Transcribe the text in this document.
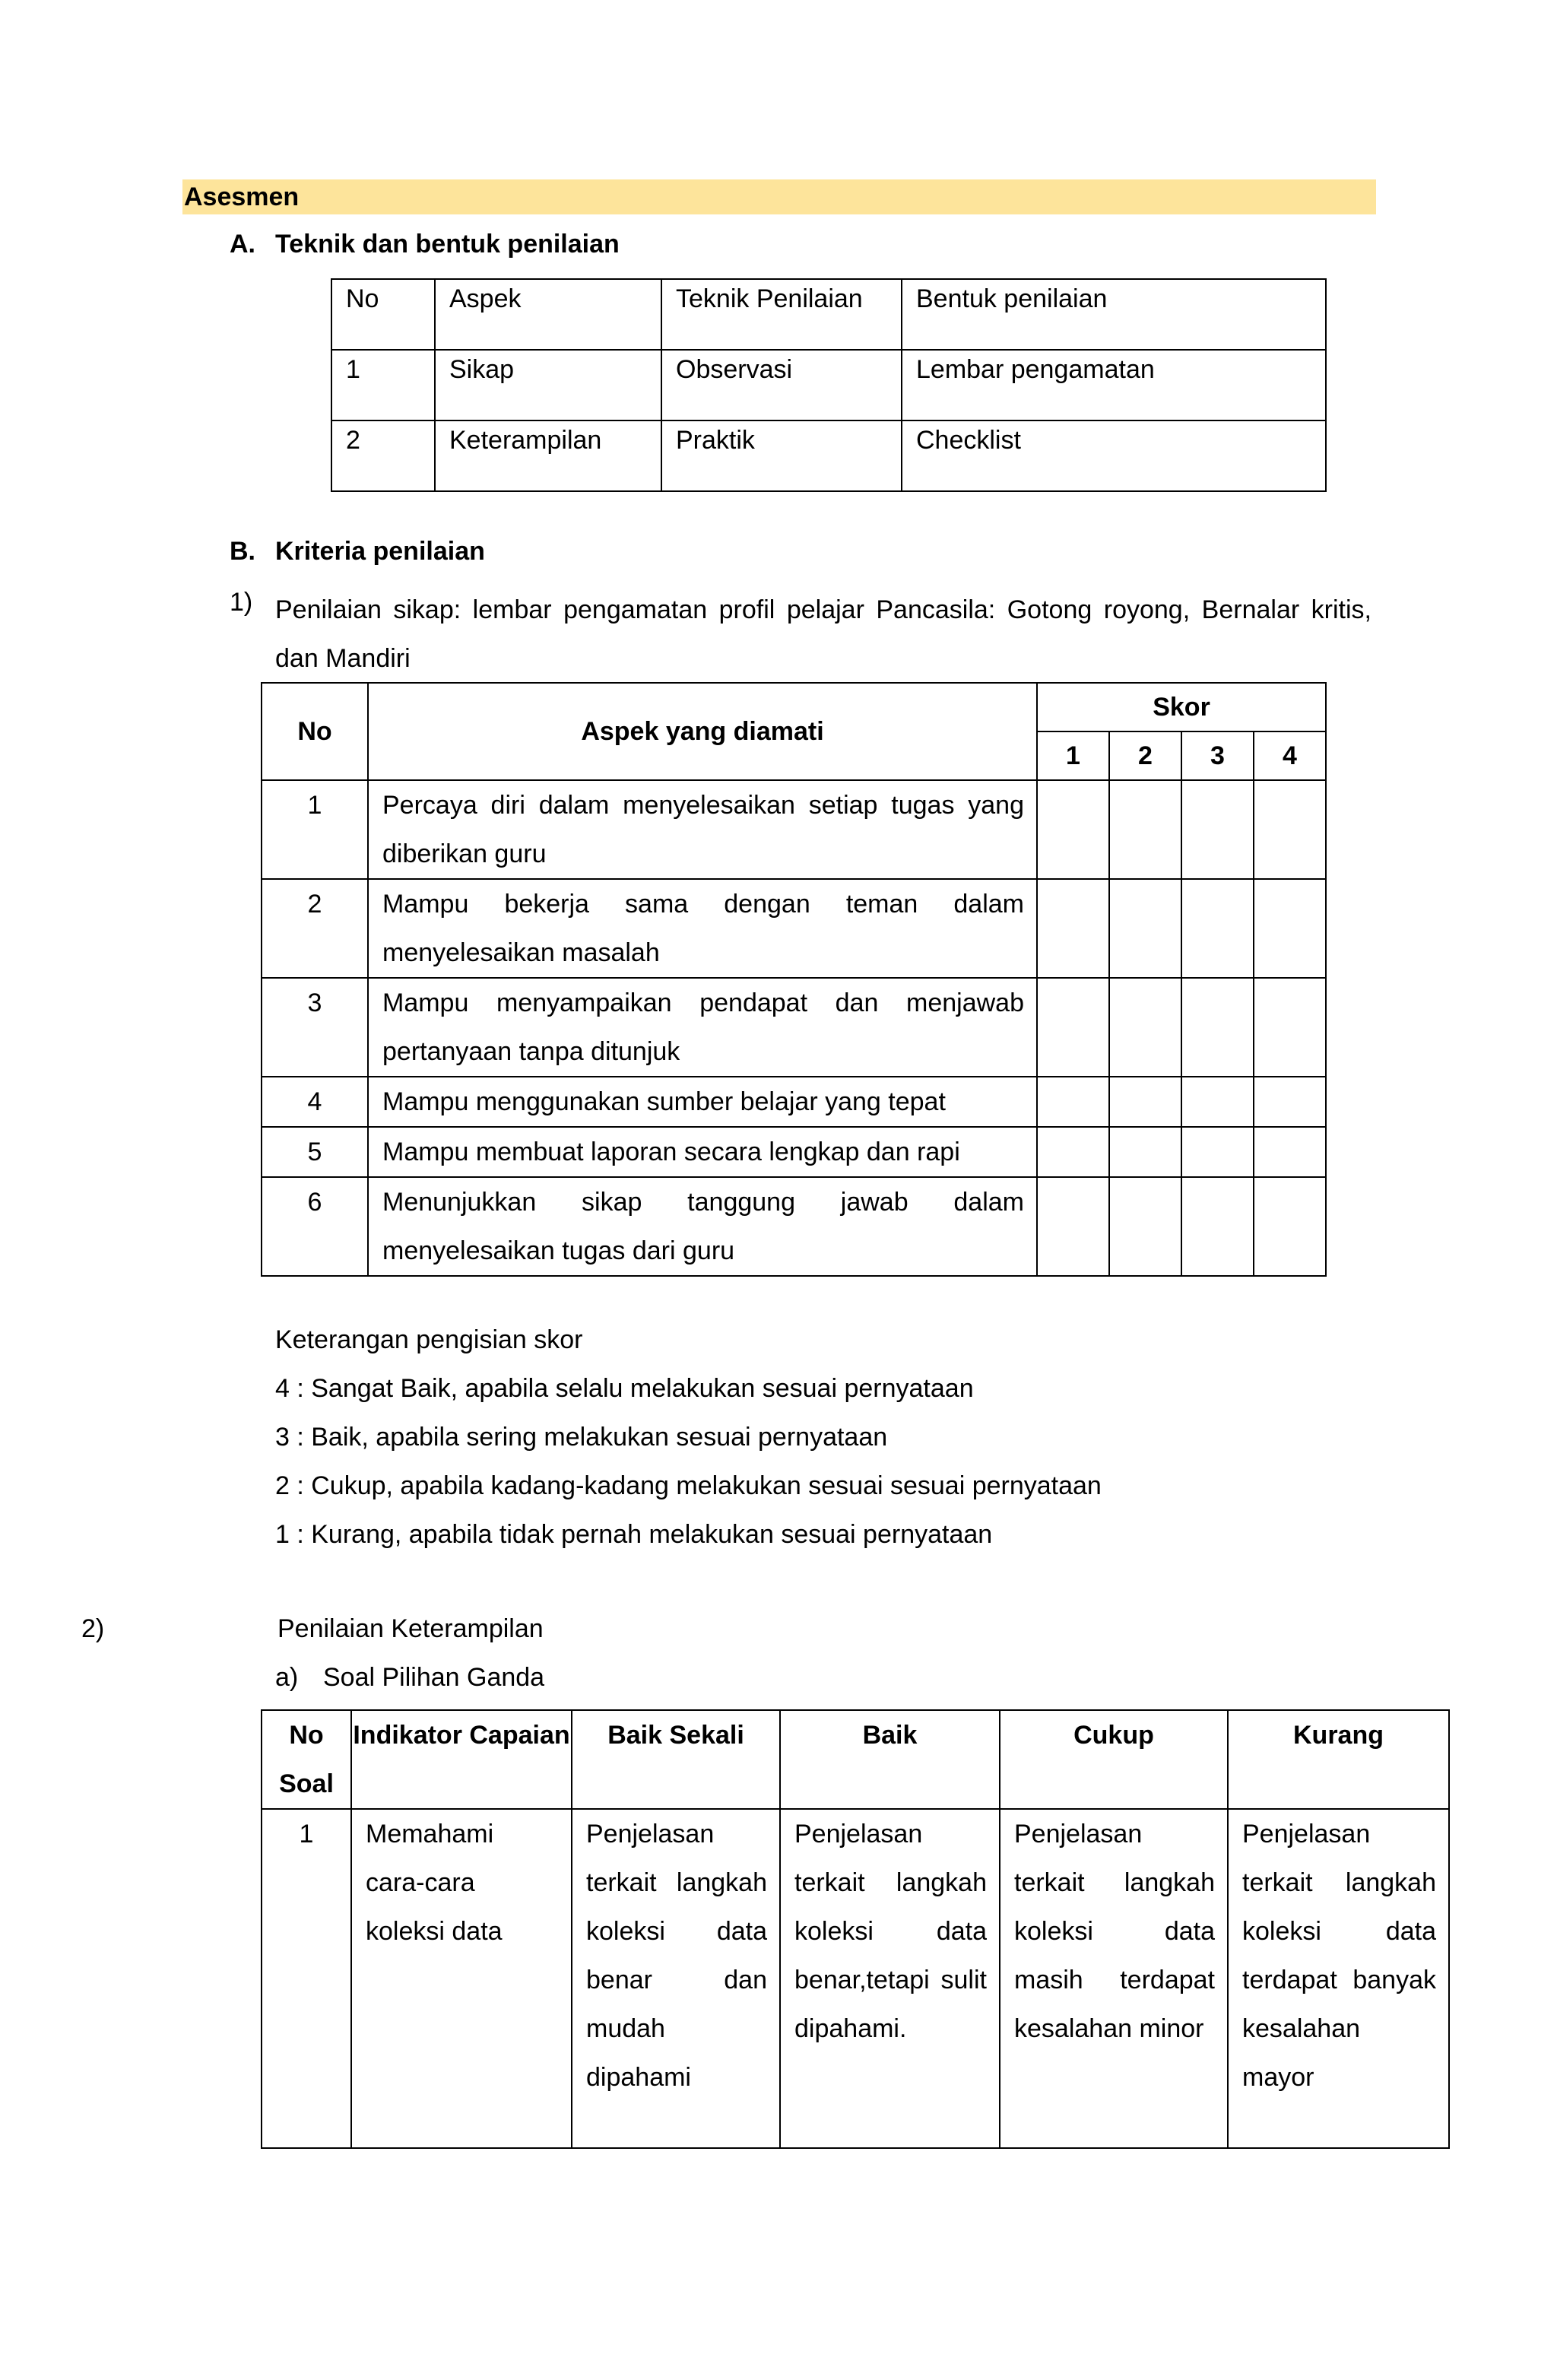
Asesmen
A. Teknik dan bentuk penilaian
No	Aspek	Teknik Penilaian	Bentuk penilaian
1	Sikap	Observasi	Lembar pengamatan
2	Keterampilan	Praktik	Checklist
B. Kriteria penilaian
1) Penilaian sikap: lembar pengamatan profil pelajar Pancasila: Gotong royong, Bernalar kritis, dan Mandiri
No	Aspek yang diamati	Skor			
		1	2	3	4
1	Percaya diri dalam menyelesaikan setiap tugas yang diberikan guru				
2	Mampu bekerja sama dengan teman dalam menyelesaikan masalah				
3	Mampu menyampaikan pendapat dan menjawab pertanyaan tanpa ditunjuk				
4	Mampu menggunakan sumber belajar yang tepat				
5	Mampu membuat laporan secara lengkap dan rapi				
6	Menunjukkan sikap tanggung jawab dalam menyelesaikan tugas dari guru				
Keterangan pengisian skor
4 : Sangat Baik, apabila selalu melakukan sesuai pernyataan
3 : Baik, apabila sering melakukan sesuai pernyataan
2 : Cukup, apabila kadang-kadang melakukan sesuai sesuai pernyataan
1 : Kurang, apabila tidak pernah melakukan sesuai pernyataan
2)	Penilaian Keterampilan
a) Soal Pilihan Ganda
No Soal	Indikator Capaian	Baik Sekali	Baik	Cukup	Kurang
1	Memahami cara-cara koleksi data	Penjelasan terkait langkah koleksi data benar dan mudah dipahami	Penjelasan terkait langkah koleksi data benar,tetapi sulit dipahami.	Penjelasan terkait langkah koleksi data masih terdapat kesalahan minor	Penjelasan terkait langkah koleksi data terdapat banyak kesalahan mayor
